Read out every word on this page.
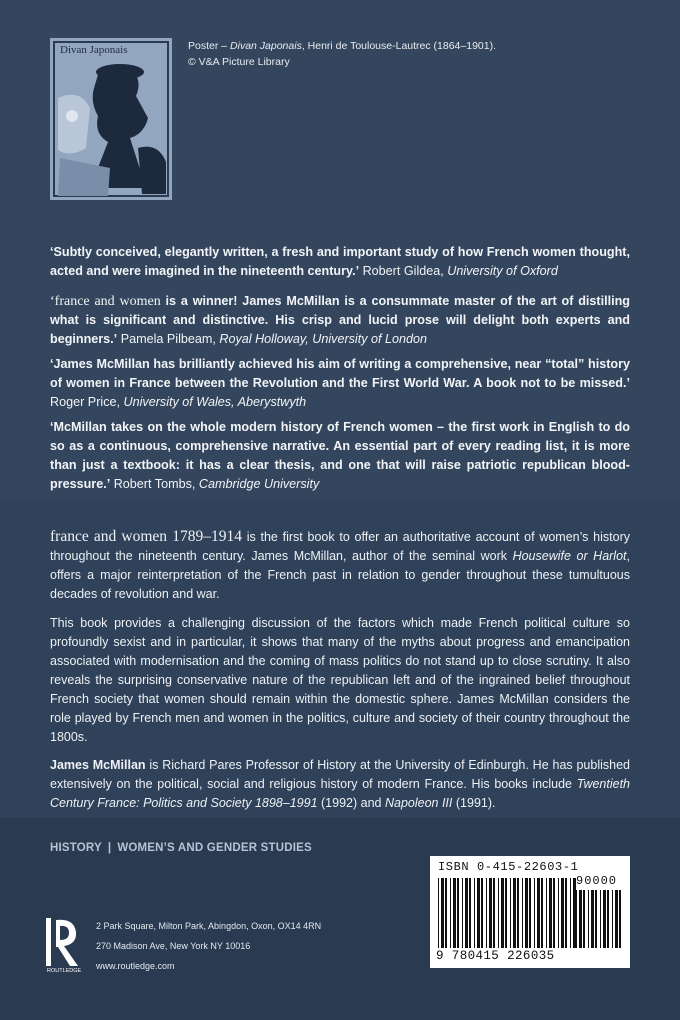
Divan Japonais	Poster – Divan Japonais, Henri de Toulouse-Lautrec (1864–1901).
© V&A Picture Library
‘Subtly conceived, elegantly written, a fresh and important study of how French women thought, acted and were imagined in the nineteenth century.’ Robert Gildea, University of Oxford
‘france and women is a winner! James McMillan is a consummate master of the art of distilling what is significant and distinctive. His crisp and lucid prose will delight both experts and beginners.’ Pamela Pilbeam, Royal Holloway, University of London
‘James McMillan has brilliantly achieved his aim of writing a comprehensive, near “total” history of women in France between the Revolution and the First World War. A book not to be missed.’ Roger Price, University of Wales, Aberystwyth
‘McMillan takes on the whole modern history of French women – the first work in English to do so as a continuous, comprehensive narrative. An essential part of every reading list, it is more than just a textbook: it has a clear thesis, and one that will raise patriotic republican blood-pressure.’ Robert Tombs, Cambridge University
france and women 1789–1914 is the first book to offer an authoritative account of women’s history throughout the nineteenth century. James McMillan, author of the seminal work Housewife or Harlot, offers a major reinterpretation of the French past in relation to gender throughout these tumultuous decades of revolution and war.
This book provides a challenging discussion of the factors which made French political culture so profoundly sexist and in particular, it shows that many of the myths about progress and emancipation associated with modernisation and the coming of mass politics do not stand up to close scrutiny. It also reveals the surprising conservative nature of the republican left and of the ingrained belief throughout French society that women should remain within the domestic sphere. James McMillan considers the role played by French men and women in the politics, culture and society of their country throughout the 1800s.
James McMillan is Richard Pares Professor of History at the University of Edinburgh. He has published extensively on the political, social and religious history of modern France. His books include Twentieth Century France: Politics and Society 1898–1991 (1992) and Napoleon III (1991).
HISTORY | WOMEN’S AND GENDER STUDIES
ROUTLEDGE
2 Park Square, Milton Park, Abingdon, Oxon, OX14 4RN
270 Madison Ave, New York NY 10016
www.routledge.com
ISBN 0-415-22603-1
90000
9 780415 226035
